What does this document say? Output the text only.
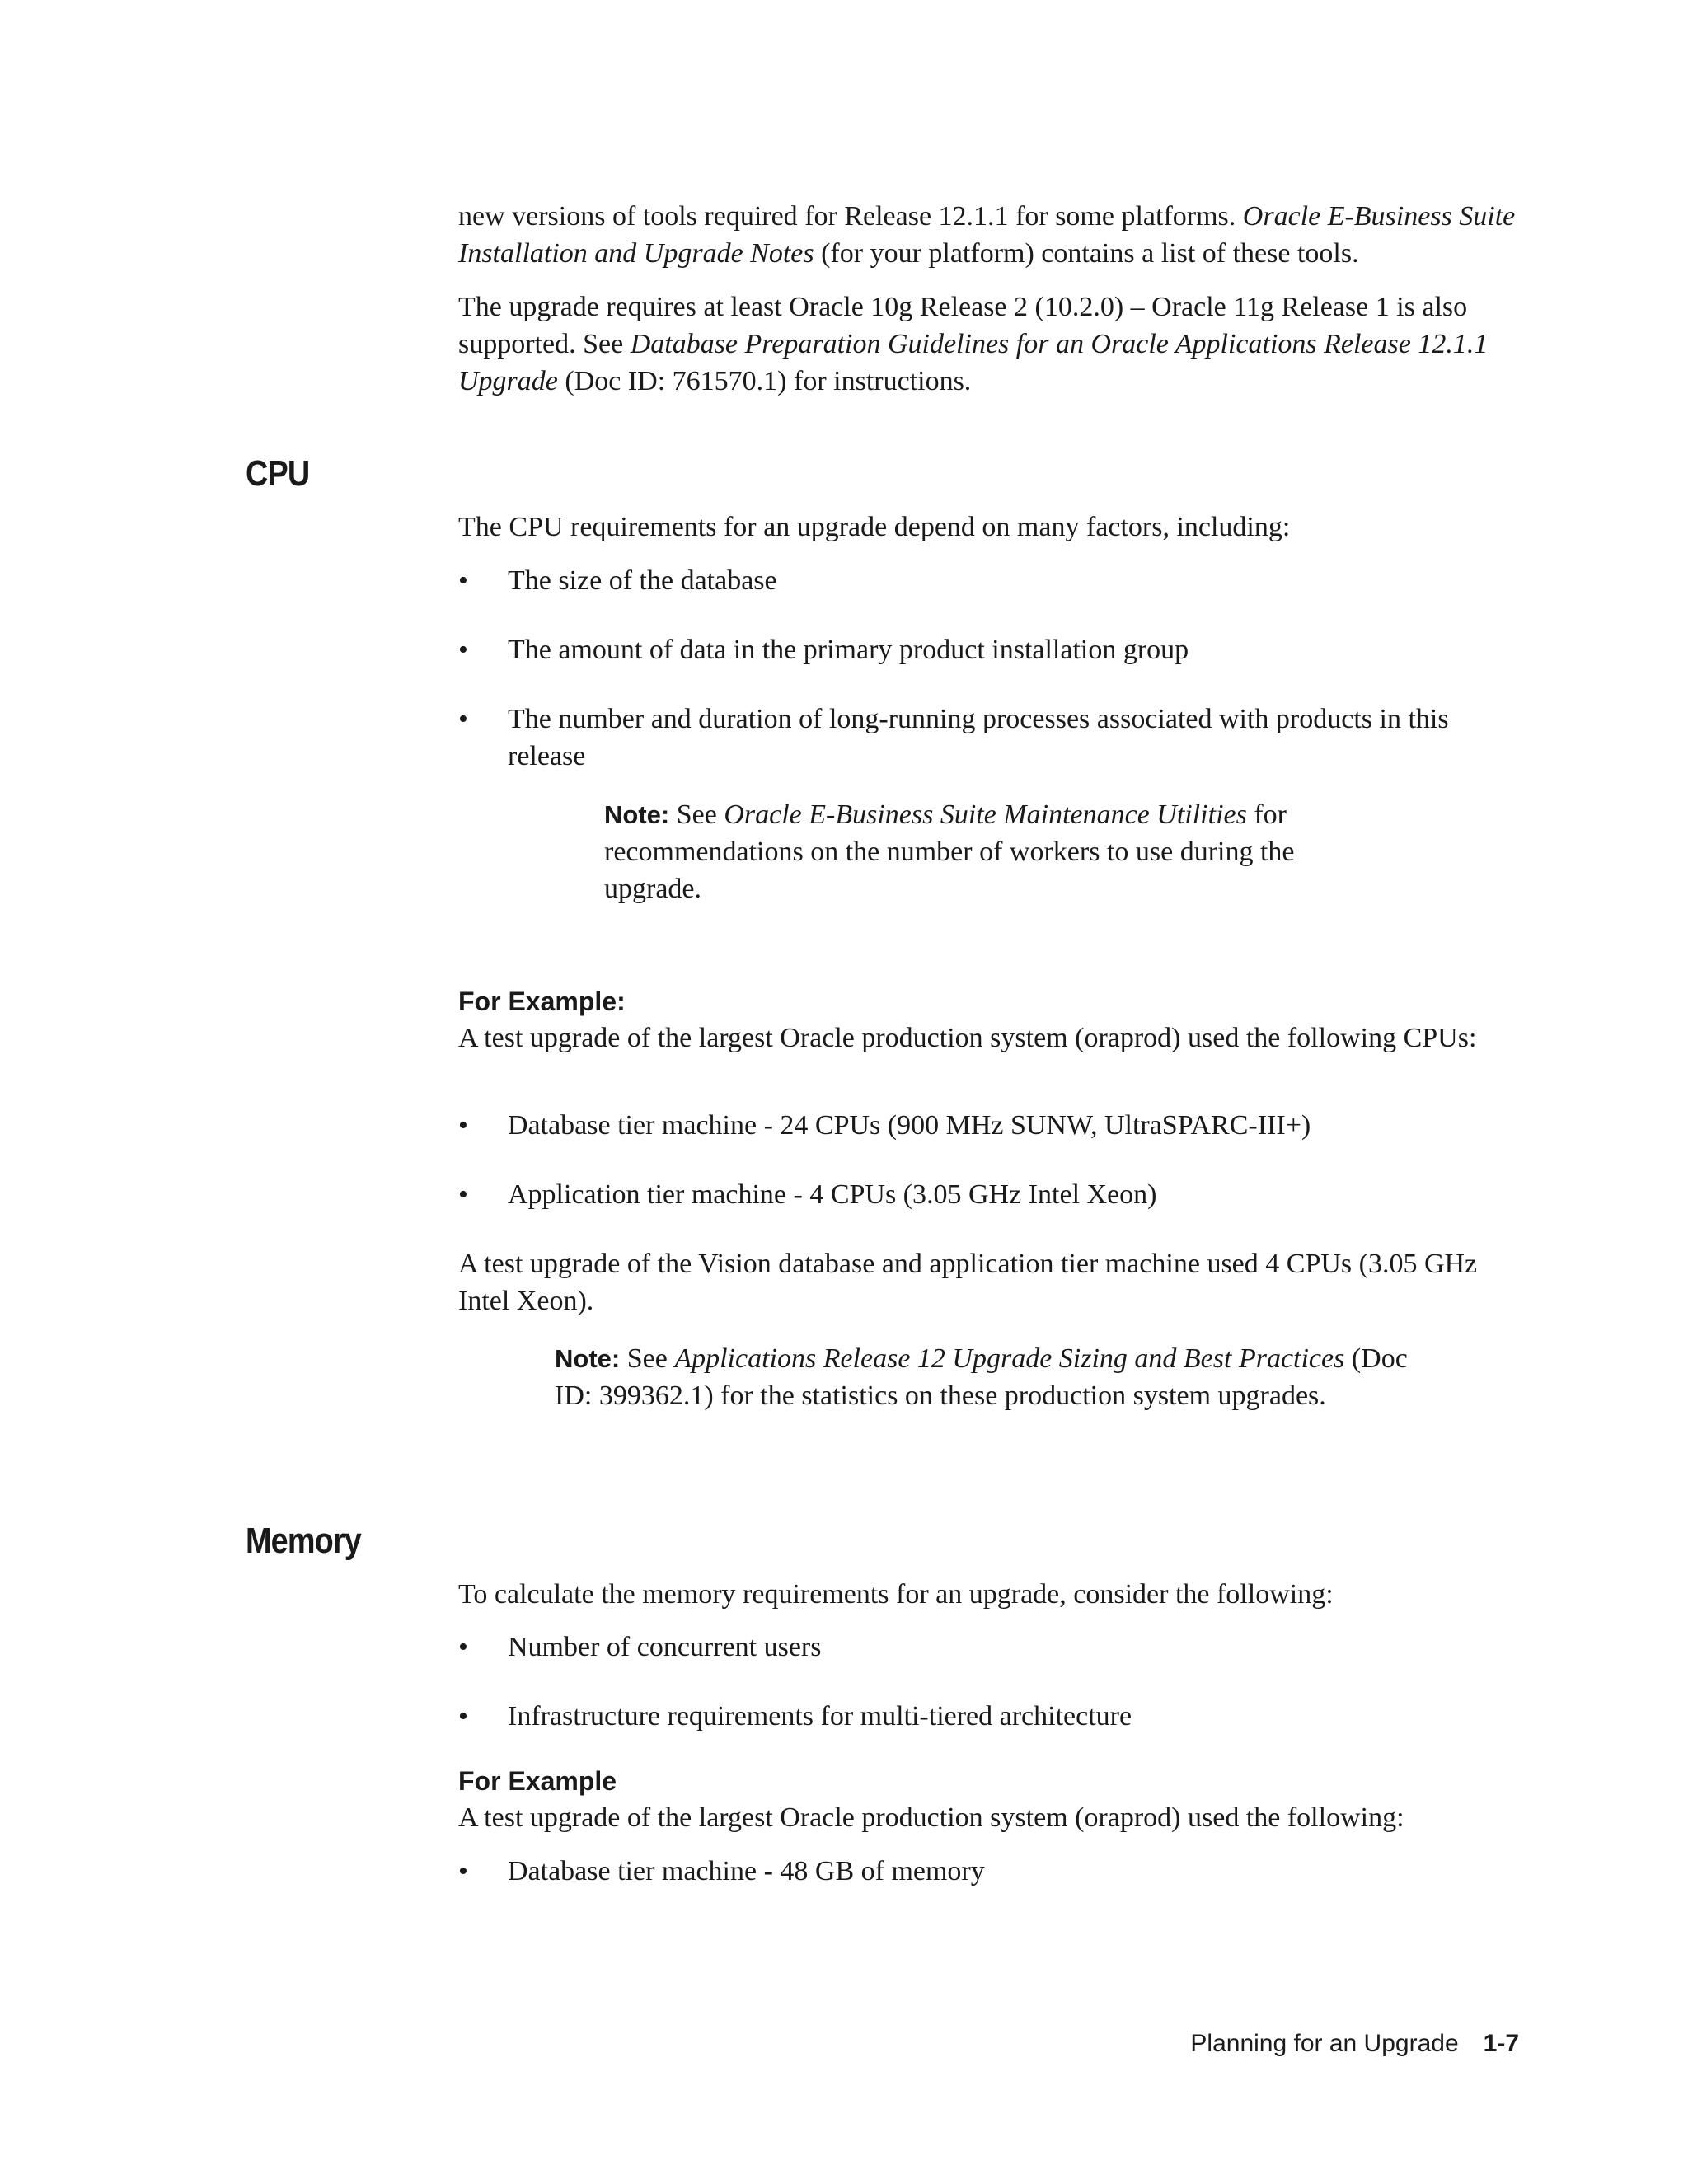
new versions of tools required for Release 12.1.1 for some platforms. Oracle E-Business Suite Installation and Upgrade Notes (for your platform) contains a list of these tools.

The upgrade requires at least Oracle 10g Release 2 (10.2.0) – Oracle 11g Release 1 is also supported. See Database Preparation Guidelines for an Oracle Applications Release 12.1.1 Upgrade (Doc ID: 761570.1) for instructions.

CPU

The CPU requirements for an upgrade depend on many factors, including:

•	The size of the database
•	The amount of data in the primary product installation group
•	The number and duration of long-running processes associated with products in this release

Note: See Oracle E-Business Suite Maintenance Utilities for recommendations on the number of workers to use during the upgrade.

For Example:

A test upgrade of the largest Oracle production system (oraprod) used the following CPUs:

•	Database tier machine - 24 CPUs (900 MHz SUNW, UltraSPARC-III+)
•	Application tier machine - 4 CPUs (3.05 GHz Intel Xeon)

A test upgrade of the Vision database and application tier machine used 4 CPUs (3.05 GHz Intel Xeon).

Note: See Applications Release 12 Upgrade Sizing and Best Practices (Doc ID: 399362.1) for the statistics on these production system upgrades.

Memory

To calculate the memory requirements for an upgrade, consider the following:

•	Number of concurrent users
•	Infrastructure requirements for multi-tiered architecture
For Example

A test upgrade of the largest Oracle production system (oraprod) used the following:

•	Database tier machine - 48 GB of memory
Planning for an Upgrade 1-7
